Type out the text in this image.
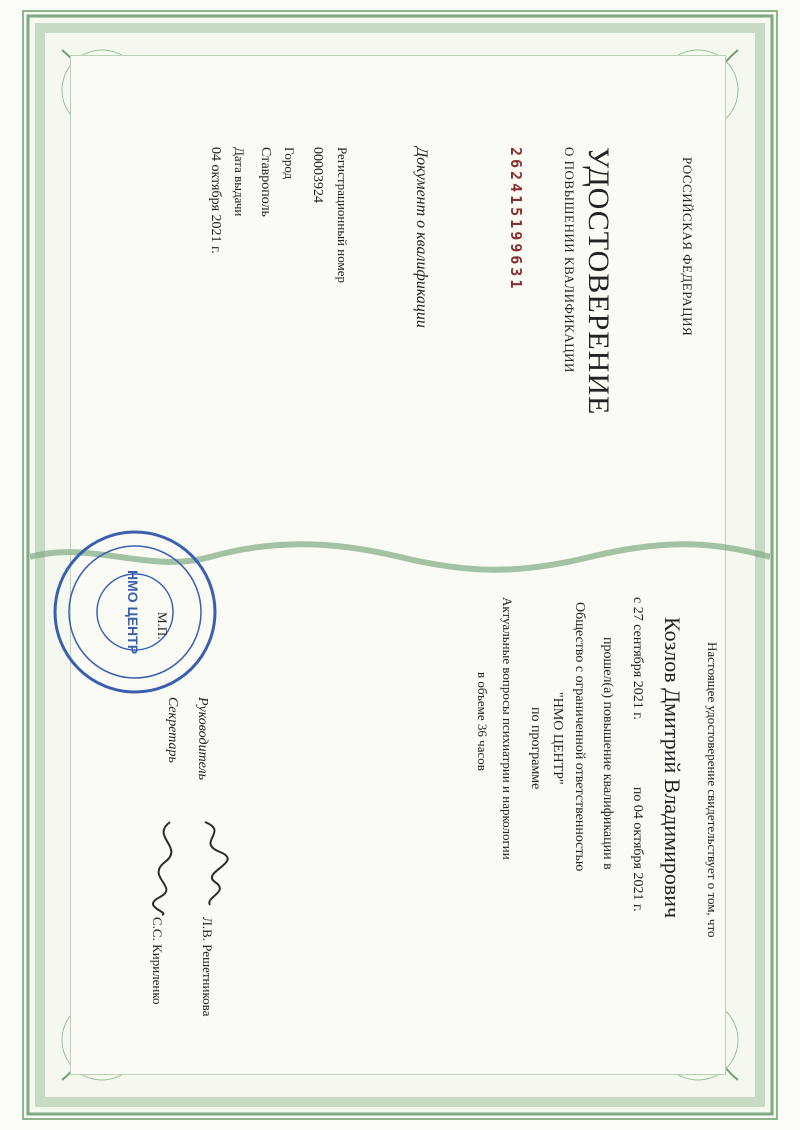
РОССИЙСКАЯ ФЕДЕРАЦИЯ
УДОСТОВЕРЕНИЕ
О ПОВЫШЕНИИ КВАЛИФИКАЦИИ
262415199631
Документ о квалификации
Регистрационный номер
00003924
Город
Ставрополь
Дата выдачи
04 октября 2021 г.
Настоящее удостоверение свидетельствует о том, что
Козлов Дмитрий Владимирович
с 27 сентября 2021 г.  по 04 октября 2021 г.
прошел(а) повышение квалификации в
Общество с ограниченной ответственностью
"НМО ЦЕНТР"
по программе
Актуальные вопросы психиатрии и наркологии
в объеме 36 часов
НМО ЦЕНТР М.П.
Руководитель
Л.В. Решетникова
Секретарь
С.С. Кириленко
